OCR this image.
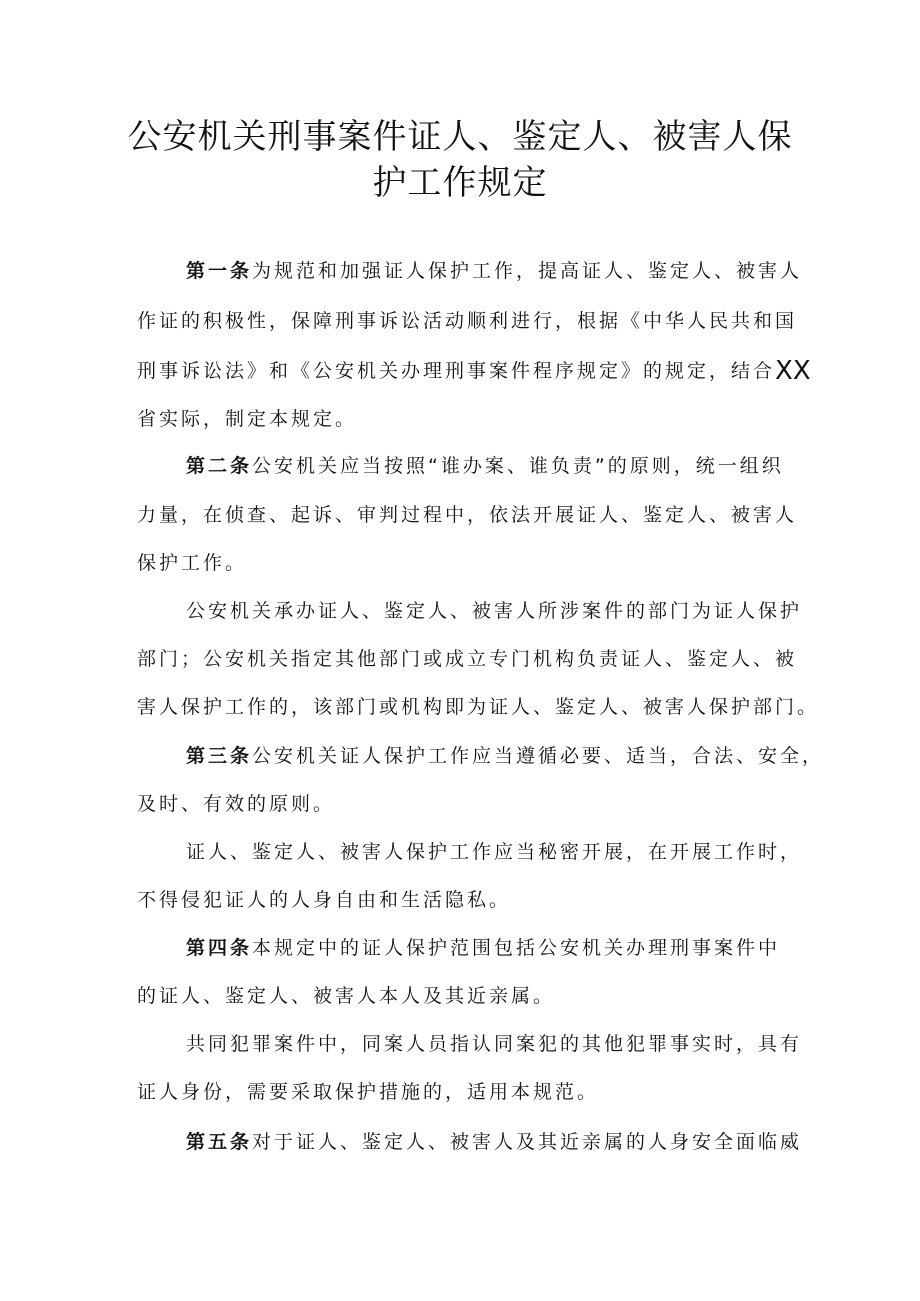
公安机关刑事案件证人、鉴定人、被害人保
护工作规定
第一条为规范和加强证人保护工作，提高证人、鉴定人、被害人
作证的积极性，保障刑事诉讼活动顺利进行，根据《中华人民共和国
刑事诉讼法》和《公安机关办理刑事案件程序规定》的规定，结合XX
省实际，制定本规定。
第二条公安机关应当按照“谁办案、谁负责”的原则，统一组织
力量，在侦查、起诉、审判过程中，依法开展证人、鉴定人、被害人
保护工作。
公安机关承办证人、鉴定人、被害人所涉案件的部门为证人保护
部门；公安机关指定其他部门或成立专门机构负责证人、鉴定人、被
害人保护工作的，该部门或机构即为证人、鉴定人、被害人保护部门。
第三条公安机关证人保护工作应当遵循必要、适当，合法、安全，
及时、有效的原则。
证人、鉴定人、被害人保护工作应当秘密开展，在开展工作时，
不得侵犯证人的人身自由和生活隐私。
第四条本规定中的证人保护范围包括公安机关办理刑事案件中
的证人、鉴定人、被害人本人及其近亲属。
共同犯罪案件中，同案人员指认同案犯的其他犯罪事实时，具有
证人身份，需要采取保护措施的，适用本规范。
第五条对于证人、鉴定人、被害人及其近亲属的人身安全面临威
